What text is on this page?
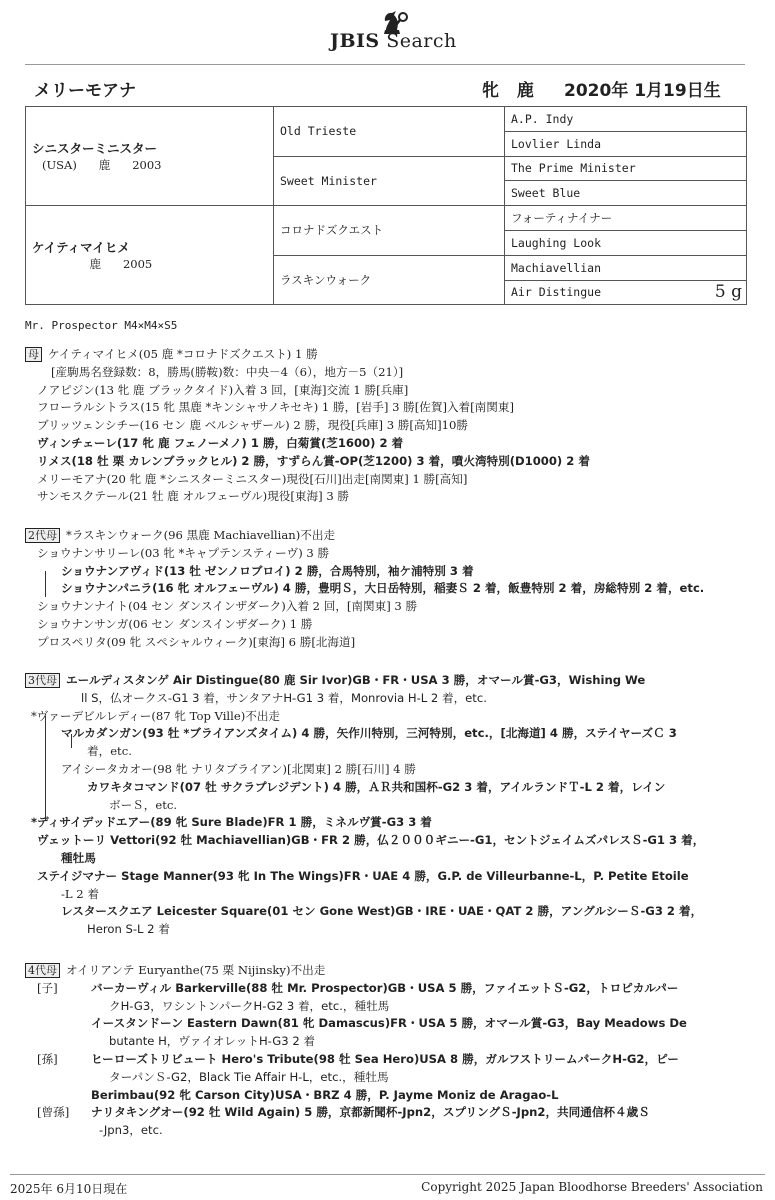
JBIS Search
メリーモアナ	牝 鹿 2020年 1月19日生
シニスターミニスター
(USA)      鹿      2003	Old Trieste	A.P. Indy
		Lovlier Linda
	Sweet Minister	The Prime Minister
		Sweet Blue

ケイティマイヒメ
鹿      2005	コロナドズクエスト	フォーティナイナー
		Laughing Look
	ラスキンウォーク	Machiavellian
		Air Distingue 5 g
Mr. Prospector M4×M4×S5
母 ケイティマイヒメ(05 鹿 *コロナドズクエスト) 1 勝
[産駒馬名登録数：8，勝馬(勝鞍)数：中央－4（6），地方－5（21）]
ノアピジン(13 牝 鹿 ブラックタイド)入着 3 回，[東海]交流 1 勝[兵庫]
フローラルシトラス(15 牝 黒鹿 *キンシャサノキセキ) 1 勝，[岩手] 3 勝[佐賀]入着[南関東]
ブリッツェンシチー(16 セン 鹿 ベルシャザール) 2 勝，現役[兵庫] 3 勝[高知]10勝
ヴィンチェーレ(17 牝 鹿 フェノーメノ) 1 勝，白菊賞(芝1600) 2 着
リメス(18 牡 栗 カレンブラックヒル) 2 勝，すずらん賞-OP(芝1200) 3 着，噴火湾特別(D1000) 2 着
メリーモアナ(20 牝 鹿 *シニスターミニスター)現役[石川]出走[南関東] 1 勝[高知]
サンモスクテール(21 牡 鹿 オルフェーヴル)現役[東海] 3 勝
2代母 *ラスキンウォーク(96 黒鹿 Machiavellian)不出走
ショウナンサリーレ(03 牝 *キャプテンスティーヴ) 3 勝
ショウナンアヴィド(13 牡 ゼンノロブロイ) 2 勝，合馬特別，袖ケ浦特別 3 着
ショウナンパニラ(16 牝 オルフェーヴル) 4 勝，豊明Ｓ，大日岳特別，稲妻Ｓ 2 着，飯豊特別 2 着，房総特別 2 着，etc.
ショウナンナイト(04 セン ダンスインザダーク)入着 2 回，[南関東] 3 勝
ショウナンサンガ(06 セン ダンスインザダーク) 1 勝
プロスペリタ(09 牝 スペシャルウィーク)[東海] 6 勝[北海道]
3代母 エールディスタンゲ Air Distingue(80 鹿 Sir Ivor)GB・FR・USA 3 勝，オマール賞-G3，Wishing We
ll S，仏オークス-G1 3 着，サンタアナH-G1 3 着，Monrovia H-L 2 着，etc.
*ヴァーデビルレディー(87 牝 Top Ville)不出走
マルカダンガン(93 牡 *ブライアンズタイム) 4 勝，矢作川特別，三河特別，etc.，[北海道] 4 勝，ステイヤーズＣ 3
着，etc.
アイシータカオー(98 牝 ナリタブライアン)[北関東] 2 勝[石川] 4 勝
カワキタコマンド(07 牡 サクラプレジデント) 4 勝，ＡＲ共和国杯-G2 3 着，アイルランドＴ-L 2 着，レイン
ボーＳ，etc.
*ディサイデッドエアー(89 牝 Sure Blade)FR 1 勝，ミネルヴ賞-G3 3 着
ヴェットーリ Vettori(92 牡 Machiavellian)GB・FR 2 勝，仏２０００ギニー-G1，セントジェイムズパレスＳ-G1 3 着，
種牡馬
ステイジマナー Stage Manner(93 牝 In The Wings)FR・UAE 4 勝，G.P. de Villeurbanne-L，P. Petite Etoile
-L 2 着
レスタースクエア Leicester Square(01 セン Gone West)GB・IRE・UAE・QAT 2 勝，アングルシーＳ-G3 2 着，
Heron S-L 2 着
4代母 オイリアンテ Euryanthe(75 栗 Nijinsky)不出走
[子]	バーカーヴィル Barkerville(88 牡 Mr. Prospector)GB・USA 5 勝，ファイエットＳ-G2，トロピカルパー
クH-G3，ワシントンパークH-G2 3 着，etc.，種牡馬
イースタンドーン Eastern Dawn(81 牝 Damascus)FR・USA 5 勝，オマール賞-G3，Bay Meadows De
butante H，ヴァイオレットH-G3 2 着
[孫]	ヒーローズトリビュート Hero's Tribute(98 牡 Sea Hero)USA 8 勝，ガルフストリームパークH-G2，ピー
ターパンＳ-G2，Black Tie Affair H-L，etc.，種牡馬
Berimbau(92 牝 Carson City)USA・BRZ 4 勝，P. Jayme Moniz de Aragao-L
[曾孫] ナリタキングオー(92 牡 Wild Again) 5 勝，京都新聞杯-Jpn2，スプリングＳ-Jpn2，共同通信杯４歳Ｓ
-Jpn3，etc.
2025年 6月10日現在	Copyright 2025 Japan Bloodhorse Breeders' Association
